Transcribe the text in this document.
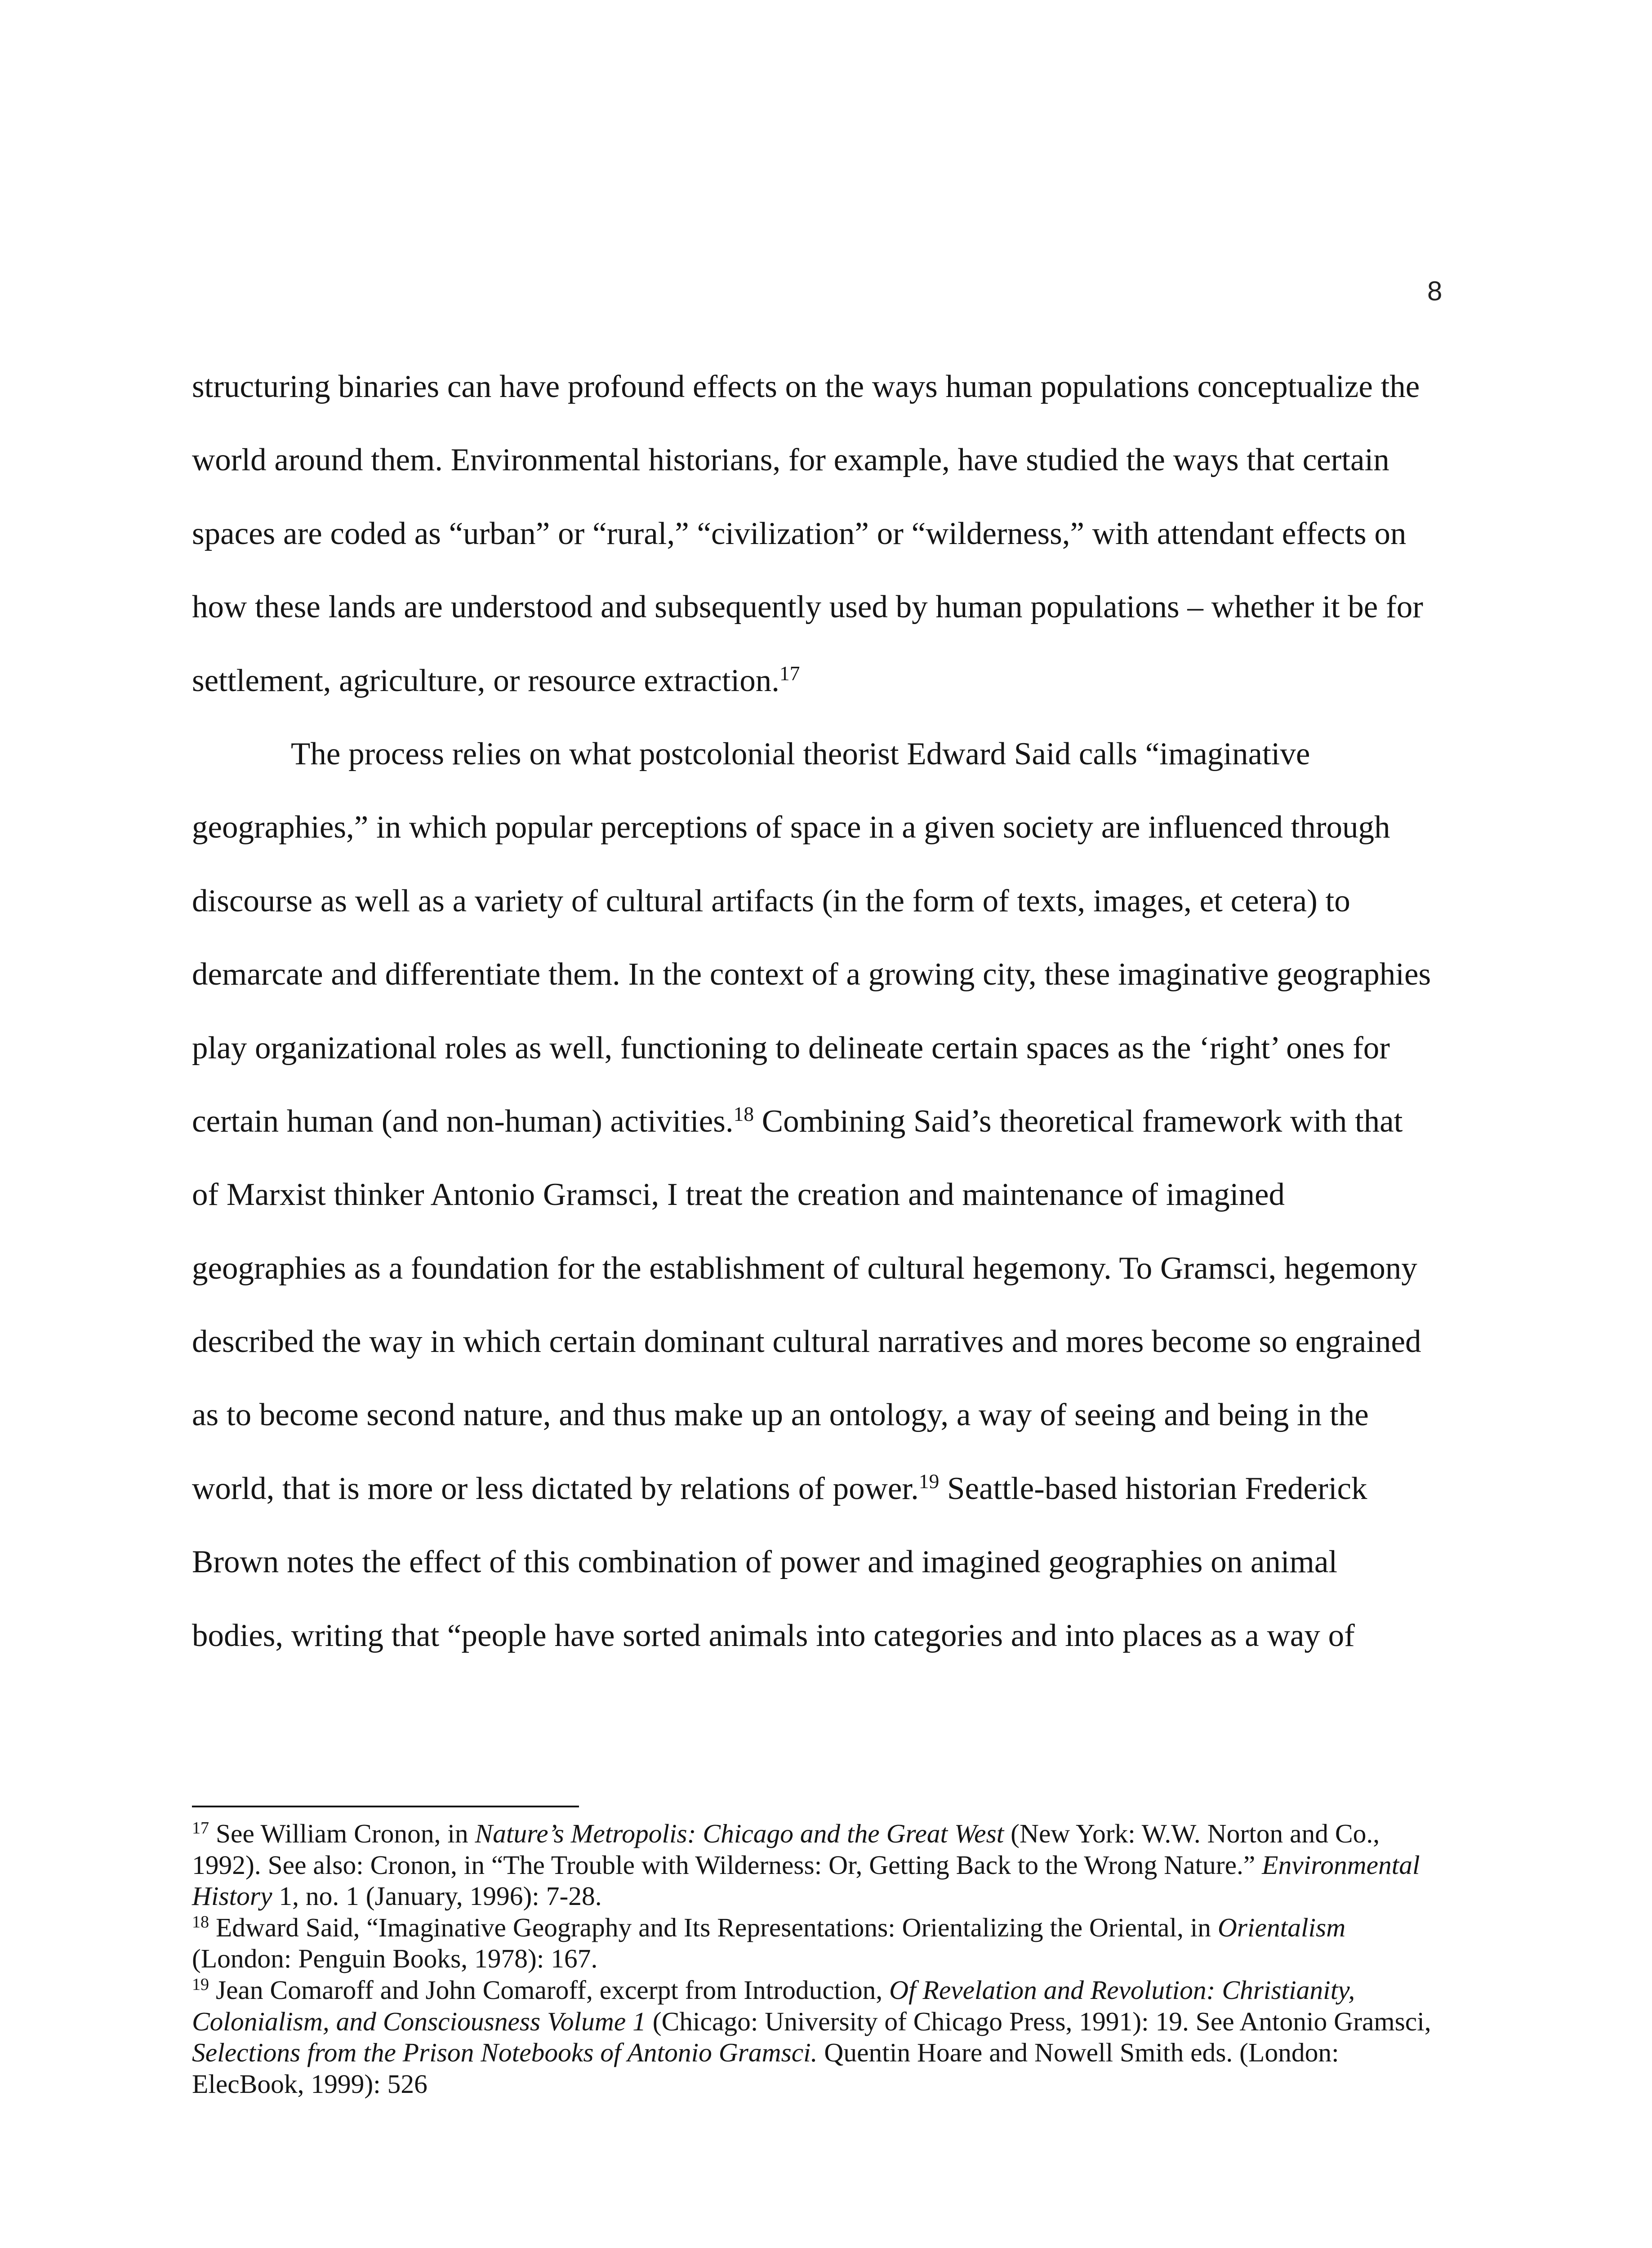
8
structuring binaries can have profound effects on the ways human populations conceptualize the
world around them. Environmental historians, for example, have studied the ways that certain
spaces are coded as “urban” or “rural,” “civilization” or “wilderness,” with attendant effects on
how these lands are understood and subsequently used by human populations – whether it be for
settlement, agriculture, or resource extraction.$^{17}$
The process relies on what postcolonial theorist Edward Said calls “imaginative
geographies,” in which popular perceptions of space in a given society are influenced through
discourse as well as a variety of cultural artifacts (in the form of texts, images, et cetera) to
demarcate and differentiate them. In the context of a growing city, these imaginative geographies
play organizational roles as well, functioning to delineate certain spaces as the ‘right’ ones for
certain human (and non-human) activities.$^{18}$ Combining Said’s theoretical framework with that
of Marxist thinker Antonio Gramsci, I treat the creation and maintenance of imagined
geographies as a foundation for the establishment of cultural hegemony. To Gramsci, hegemony
described the way in which certain dominant cultural narratives and mores become so engrained
as to become second nature, and thus make up an ontology, a way of seeing and being in the
world, that is more or less dictated by relations of power.$^{19}$ Seattle-based historian Frederick
Brown notes the effect of this combination of power and imagined geographies on animal
bodies, writing that “people have sorted animals into categories and into places as a way of
$^{17}$ See William Cronon, in Nature’s Metropolis: Chicago and the Great West (New York: W.W. Norton and Co.,
1992). See also: Cronon, in “The Trouble with Wilderness: Or, Getting Back to the Wrong Nature.” Environmental
History 1, no. 1 (January, 1996): 7-28.
$^{18}$ Edward Said, “Imaginative Geography and Its Representations: Orientalizing the Oriental, in Orientalism
(London: Penguin Books, 1978): 167.
$^{19}$ Jean Comaroff and John Comaroff, excerpt from Introduction, Of Revelation and Revolution: Christianity,
Colonialism, and Consciousness Volume 1 (Chicago: University of Chicago Press, 1991): 19. See Antonio Gramsci,
Selections from the Prison Notebooks of Antonio Gramsci. Quentin Hoare and Nowell Smith eds. (London:
ElecBook, 1999): 526
